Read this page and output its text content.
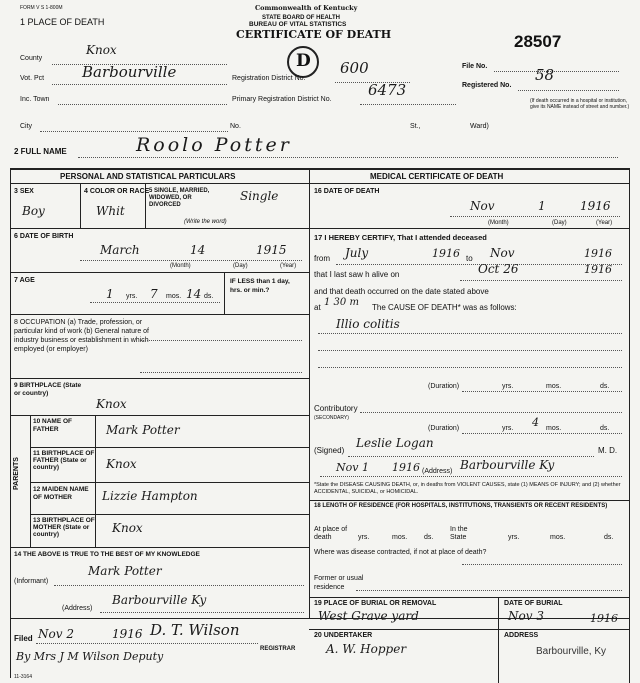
FORM V S 1-800M
1 PLACE OF DEATH
Commonwealth of Kentucky
STATE BOARD OF HEALTH
BUREAU OF VITAL STATISTICS
CERTIFICATE OF DEATH	28507
D
County
Knox
Vot. Pct	Barbourville	Registration District No.
600	File No.
Registered No.
58
Inc. Town	Primary Registration District No.
6473
(If death occurred in a hospital or institution, give its NAME instead of street and number.)
City	No.	St.,	Ward)
2 FULL NAME	Roolo Potter
PERSONAL AND STATISTICAL PARTICULARS	MEDICAL CERTIFICATE OF DEATH
3 SEX
Boy
4 COLOR OR RACE
Whit
5 SINGLE, MARRIED, WIDOWED, OR DIVORCED
(Write the word)
Single
6 DATE OF BIRTH
March	14	1915
(Month)	(Day)	(Year)
7 AGE
1 yrs. 7 mos. 14 ds.
IF LESS than 1 day, hrs. or min.?
8 OCCUPATION (a) Trade, profession, or particular kind of work (b) General nature of industry business or establishment in which employed (or employer)
9 BIRTHPLACE (State or country)
Knox
PARENTS
10 NAME OF FATHER	Mark Potter
11 BIRTHPLACE OF FATHER (State or country)	Knox
12 MAIDEN NAME OF MOTHER	Lizzie Hampton
13 BIRTHPLACE OF MOTHER (State or country)	Knox
14 THE ABOVE IS TRUE TO THE BEST OF MY KNOWLEDGE
(Informant)
Mark Potter
(Address)
Barbourville Ky
Filed Nov 2	1916 D. T. Wilson
REGISTRAR
By Mrs J M Wilson Deputy
11-3164
16 DATE OF DEATH
Nov	1	1916
(Month)	(Day)	(Year)
17 I HEREBY CERTIFY, That I attended deceased
from July	1916 to Nov	1916
that I last saw h alive on	Oct 26	1916
and that death occurred on the date stated above
at 1 30 m The CAUSE OF DEATH* was as follows:
Illio colitis
(Duration)	yrs.	mos.	ds.
Contributory
(SECONDARY)
(Duration)	yrs. 4 mos.	ds.
(Signed)
Leslie Logan
M. D.
Nov 1 1916 (Address) Barbourville Ky
*State the DISEASE CAUSING DEATH, or, in deaths from VIOLENT CAUSES, state (1) MEANS OF INJURY; and (2) whether ACCIDENTAL, SUICIDAL, or HOMICIDAL.
18 LENGTH OF RESIDENCE (FOR HOSPITALS, INSTITUTIONS, TRANSIENTS OR RECENT RESIDENTS)
At place of death	yrs.	mos. ds.
In the State	yrs.	mos.	ds.
Where was disease contracted, if not at place of death?
Former or usual residence
19 PLACE OF BURIAL OR REMOVAL
West Grave yard
DATE OF BURIAL
Nov 3	1916
20 UNDERTAKER
A. W. Hopper
ADDRESS
Barbourville, Ky
